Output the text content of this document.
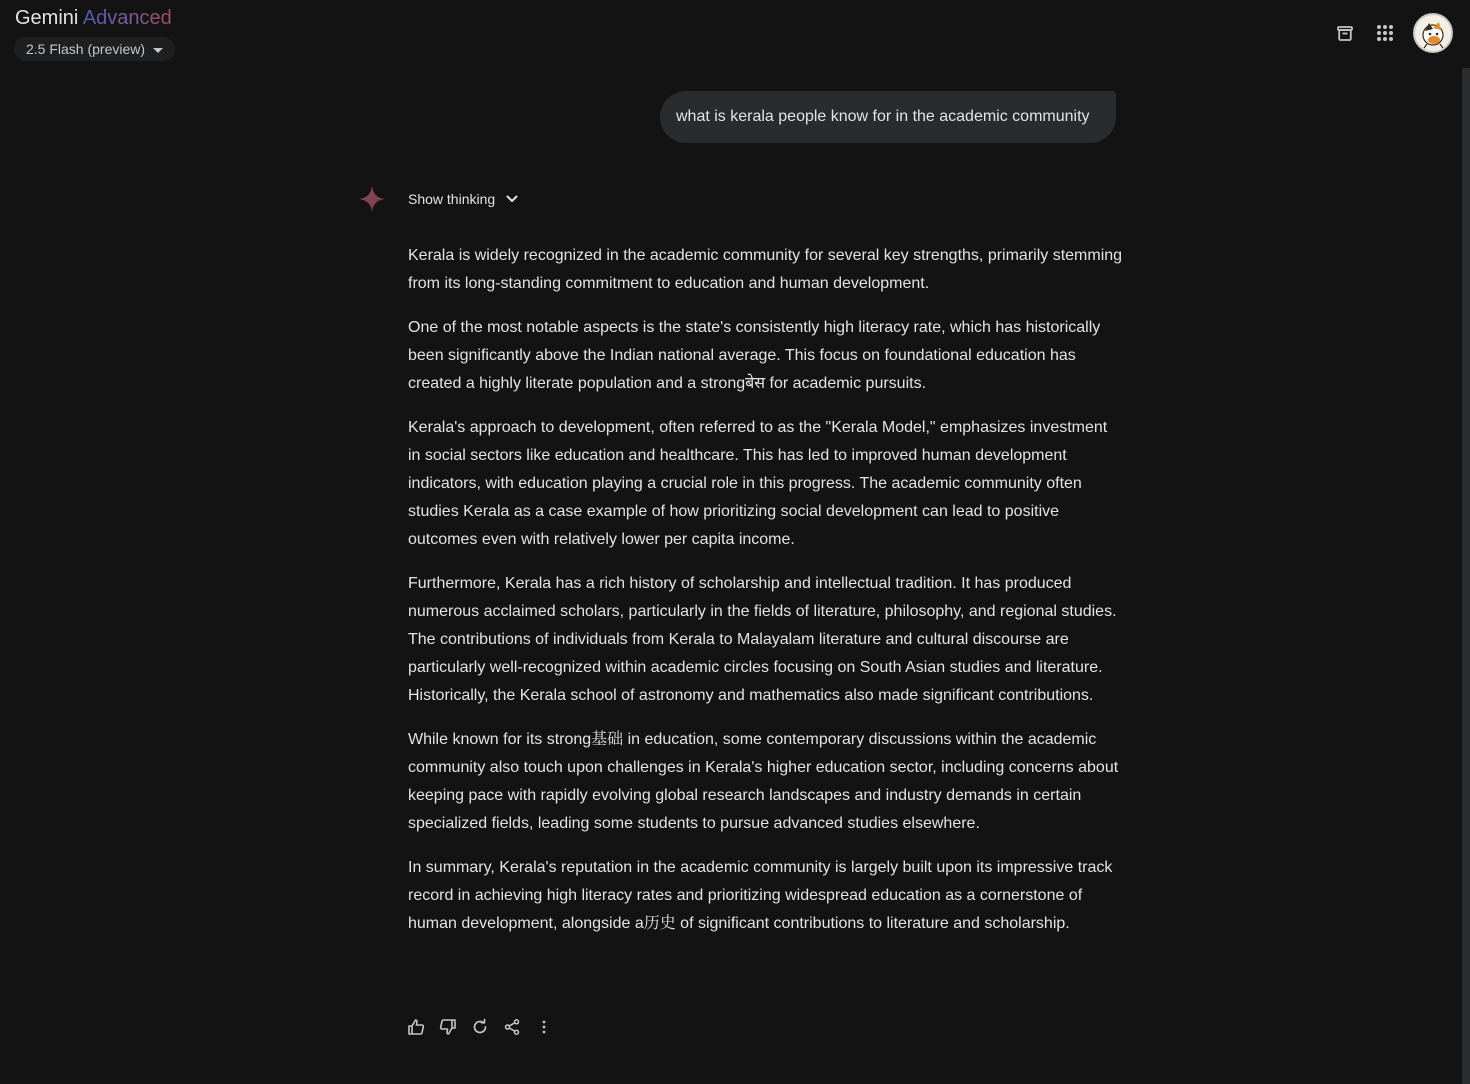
Gemini Advanced
2.5 Flash (preview)
what is kerala people know for in the academic community
Show thinking

Kerala is widely recognized in the academic community for several key strengths, primarily stemming from its long-standing commitment to education and human development.

One of the most notable aspects is the state's consistently high literacy rate, which has historically been significantly above the Indian national average. This focus on foundational education has created a highly literate population and a strongबेस for academic pursuits.

Kerala's approach to development, often referred to as the "Kerala Model," emphasizes investment in social sectors like education and healthcare. This has led to improved human development indicators, with education playing a crucial role in this progress. The academic community often studies Kerala as a case example of how prioritizing social development can lead to positive outcomes even with relatively lower per capita income.

Furthermore, Kerala has a rich history of scholarship and intellectual tradition. It has produced numerous acclaimed scholars, particularly in the fields of literature, philosophy, and regional studies. The contributions of individuals from Kerala to Malayalam literature and cultural discourse are particularly well-recognized within academic circles focusing on South Asian studies and literature. Historically, the Kerala school of astronomy and mathematics also made significant contributions.

While known for its strong基础 in education, some contemporary discussions within the academic community also touch upon challenges in Kerala's higher education sector, including concerns about keeping pace with rapidly evolving global research landscapes and industry demands in certain specialized fields, leading some students to pursue advanced studies elsewhere.

In summary, Kerala's reputation in the academic community is largely built upon its impressive track record in achieving high literacy rates and prioritizing widespread education as a cornerstone of human development, alongside a历史 of significant contributions to literature and scholarship.
